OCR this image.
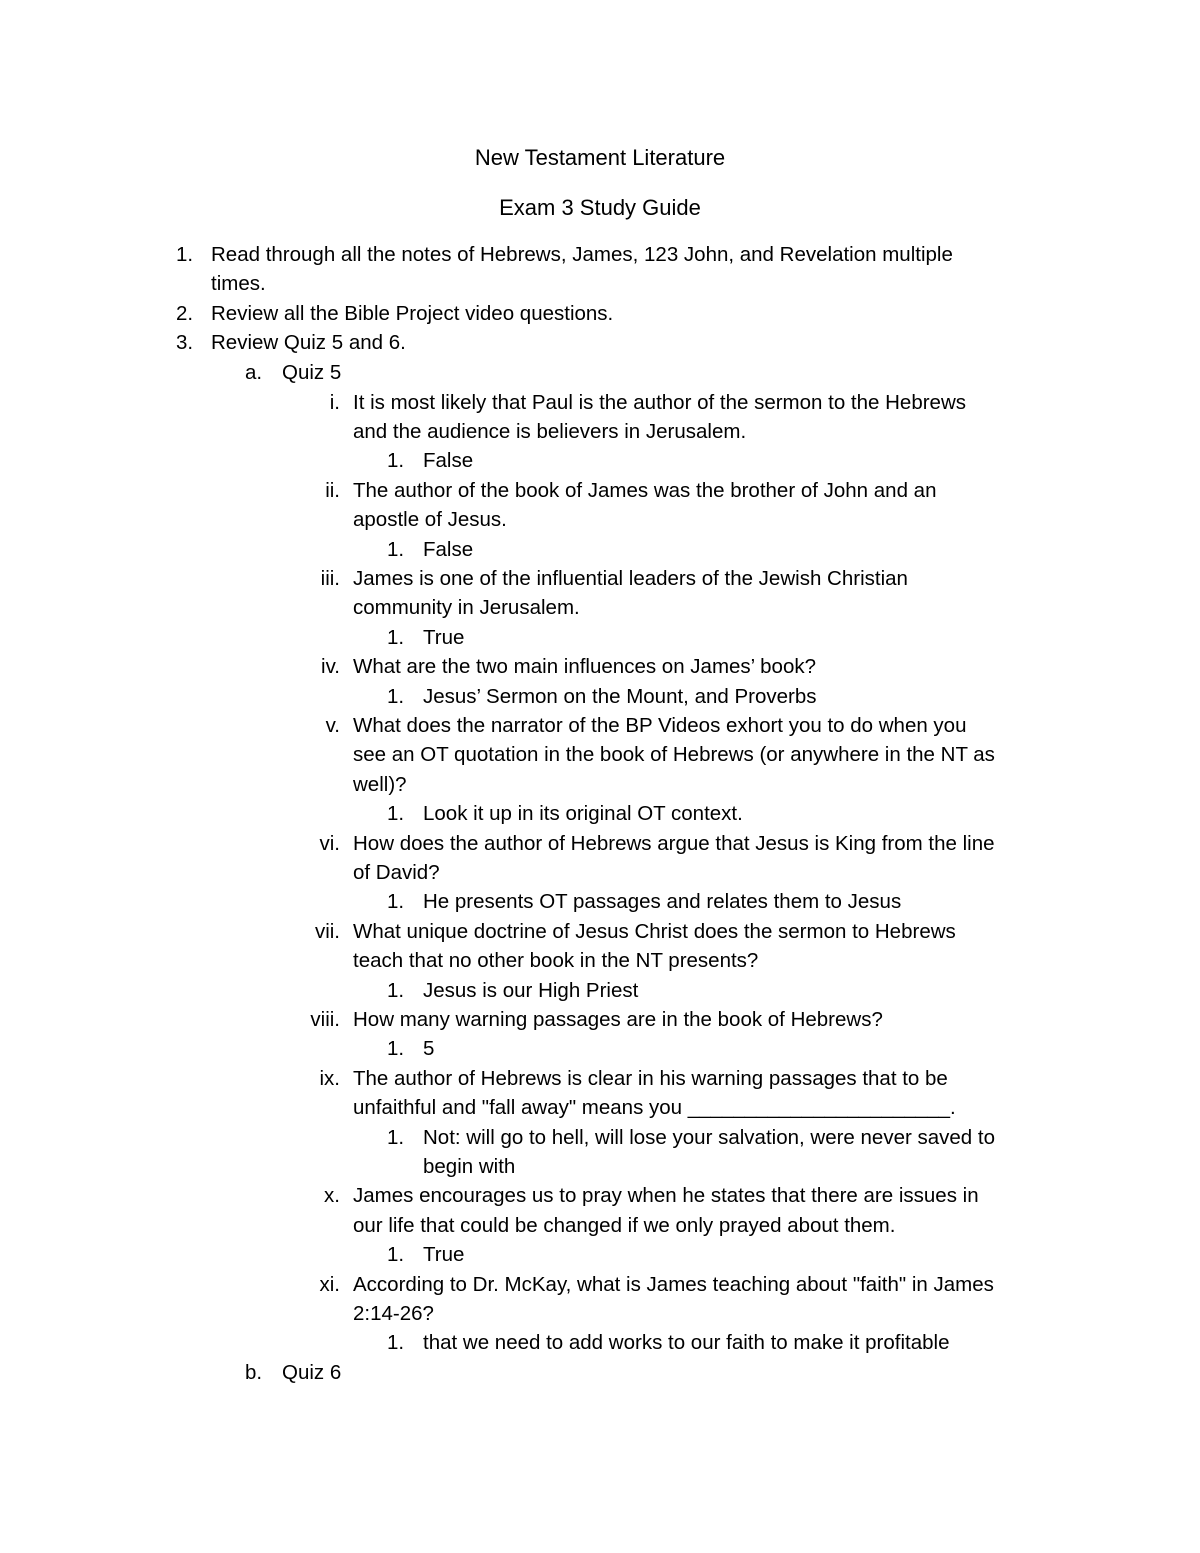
New Testament Literature
Exam 3 Study Guide
1. Read through all the notes of Hebrews, James, 123 John, and Revelation multiple
times.
2. Review all the Bible Project video questions.
3. Review Quiz 5 and 6.
a. Quiz 5
i. It is most likely that Paul is the author of the sermon to the Hebrews
and the audience is believers in Jerusalem.
1. False
ii. The author of the book of James was the brother of John and an
apostle of Jesus.
1. False
iii. James is one of the influential leaders of the Jewish Christian
community in Jerusalem.
1. True
iv. What are the two main influences on James’ book?
1. Jesus’ Sermon on the Mount, and Proverbs
v. What does the narrator of the BP Videos exhort you to do when you
see an OT quotation in the book of Hebrews (or anywhere in the NT as
well)?
1. Look it up in its original OT context.
vi. How does the author of Hebrews argue that Jesus is King from the line
of David?
1. He presents OT passages and relates them to Jesus
vii. What unique doctrine of Jesus Christ does the sermon to Hebrews
teach that no other book in the NT presents?
1. Jesus is our High Priest
viii. How many warning passages are in the book of Hebrews?
1. 5
ix. The author of Hebrews is clear in his warning passages that to be
unfaithful and "fall away" means you _______________________.
1. Not: will go to hell, will lose your salvation, were never saved to
begin with
x. James encourages us to pray when he states that there are issues in
our life that could be changed if we only prayed about them.
1. True
xi. According to Dr. McKay, what is James teaching about "faith" in James
2:14-26?
1. that we need to add works to our faith to make it profitable
b. Quiz 6
